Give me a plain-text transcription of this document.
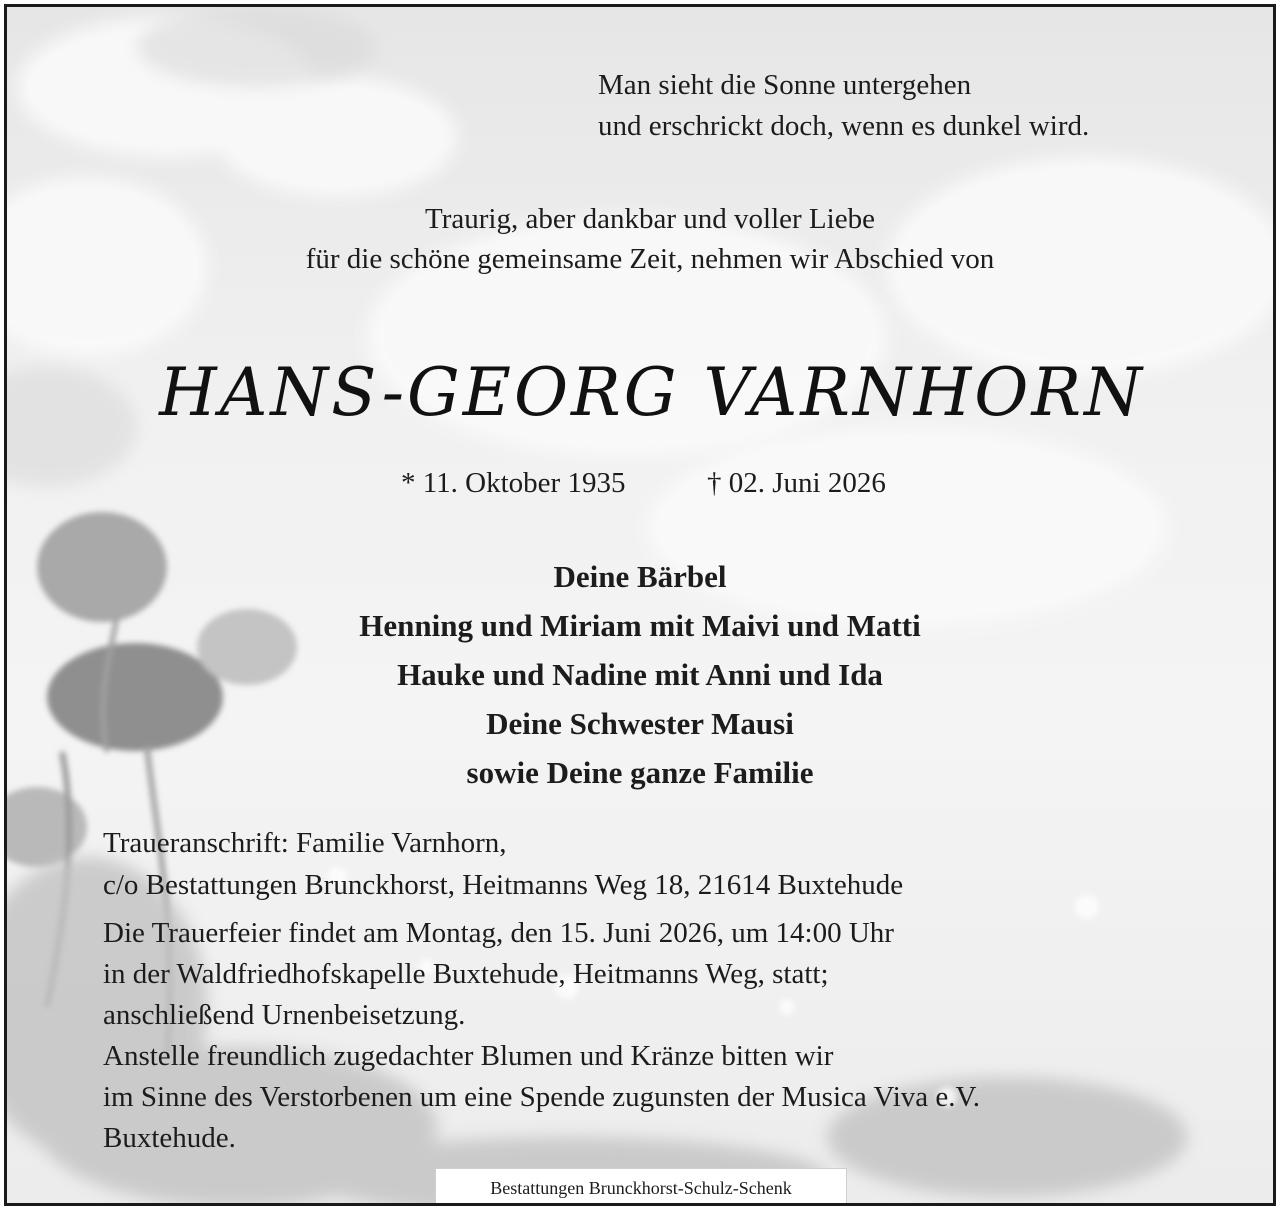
Man sieht die Sonne untergehen
und erschrickt doch, wenn es dunkel wird.
Traurig, aber dankbar und voller Liebe
für die schöne gemeinsame Zeit, nehmen wir Abschied von
HANS-GEORG VARNHORN
* 11. Oktober 1935	† 02. Juni 2026
Deine Bärbel
Henning und Miriam mit Maivi und Matti
Hauke und Nadine mit Anni und Ida
Deine Schwester Mausi
sowie Deine ganze Familie
Traueranschrift: Familie Varnhorn,
c/o Bestattungen Brunckhorst, Heitmanns Weg 18, 21614 Buxtehude
Die Trauerfeier findet am Montag, den 15. Juni 2026, um 14:00 Uhr
in der Waldfriedhofskapelle Buxtehude, Heitmanns Weg, statt;
anschließend Urnenbeisetzung.
Anstelle freundlich zugedachter Blumen und Kränze bitten wir
im Sinne des Verstorbenen um eine Spende zugunsten der Musica Viva e.V.
Buxtehude.
Bestattungen Brunckhorst-Schulz-Schenk
